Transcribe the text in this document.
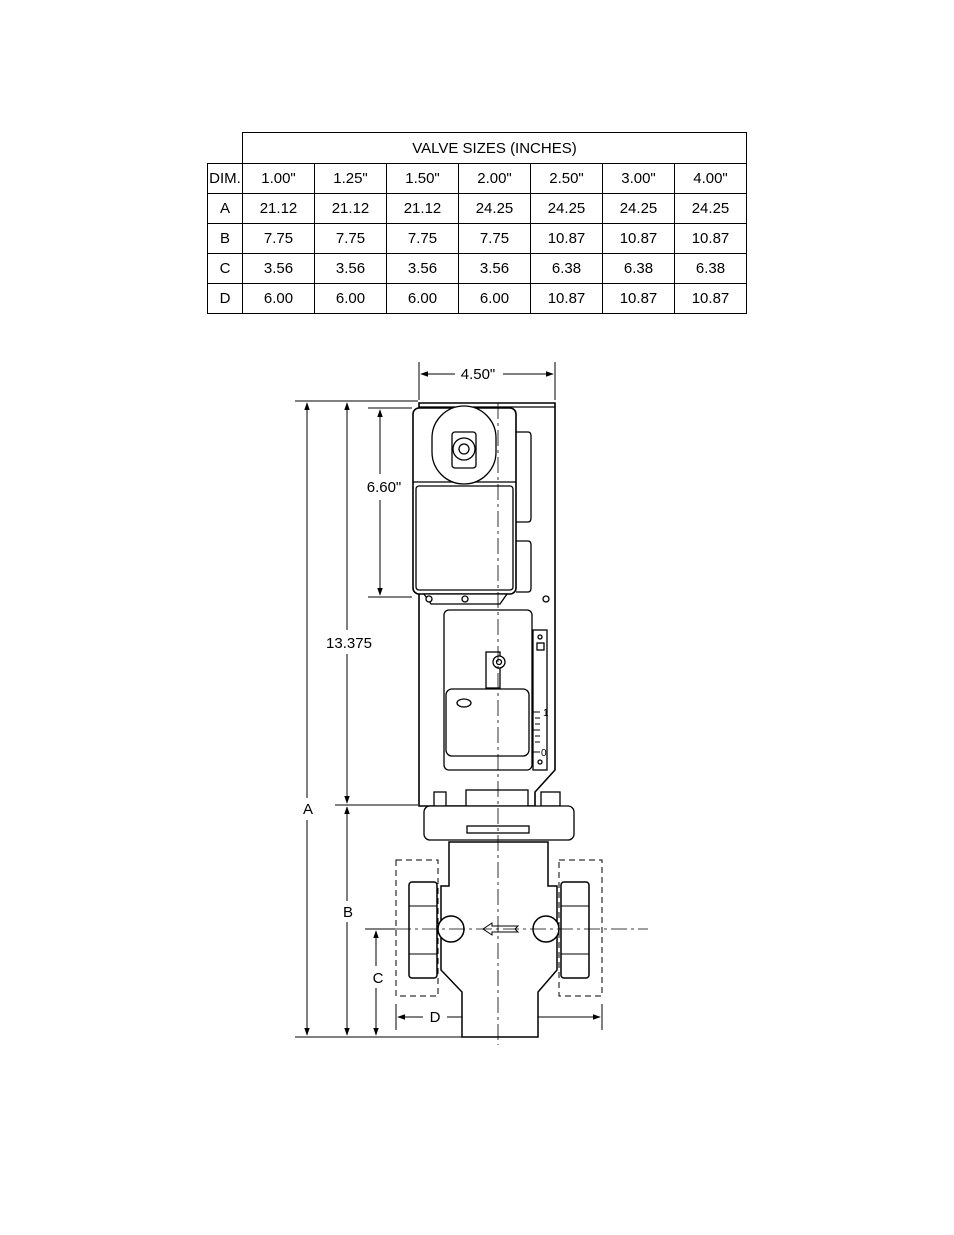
	VALVE SIZES (INCHES)						
DIM.	1.00"	1.25"	1.50"	2.00"	2.50"	3.00"	4.00"
A	21.12	21.12	21.12	24.25	24.25	24.25	24.25
B	7.75	7.75	7.75	7.75	10.87	10.87	10.87
C	3.56	3.56	3.56	3.56	6.38	6.38	6.38
D	6.00	6.00	6.00	6.00	10.87	10.87	10.87
4.50"
6.60"
13.375
A
B
C
D
1
0
